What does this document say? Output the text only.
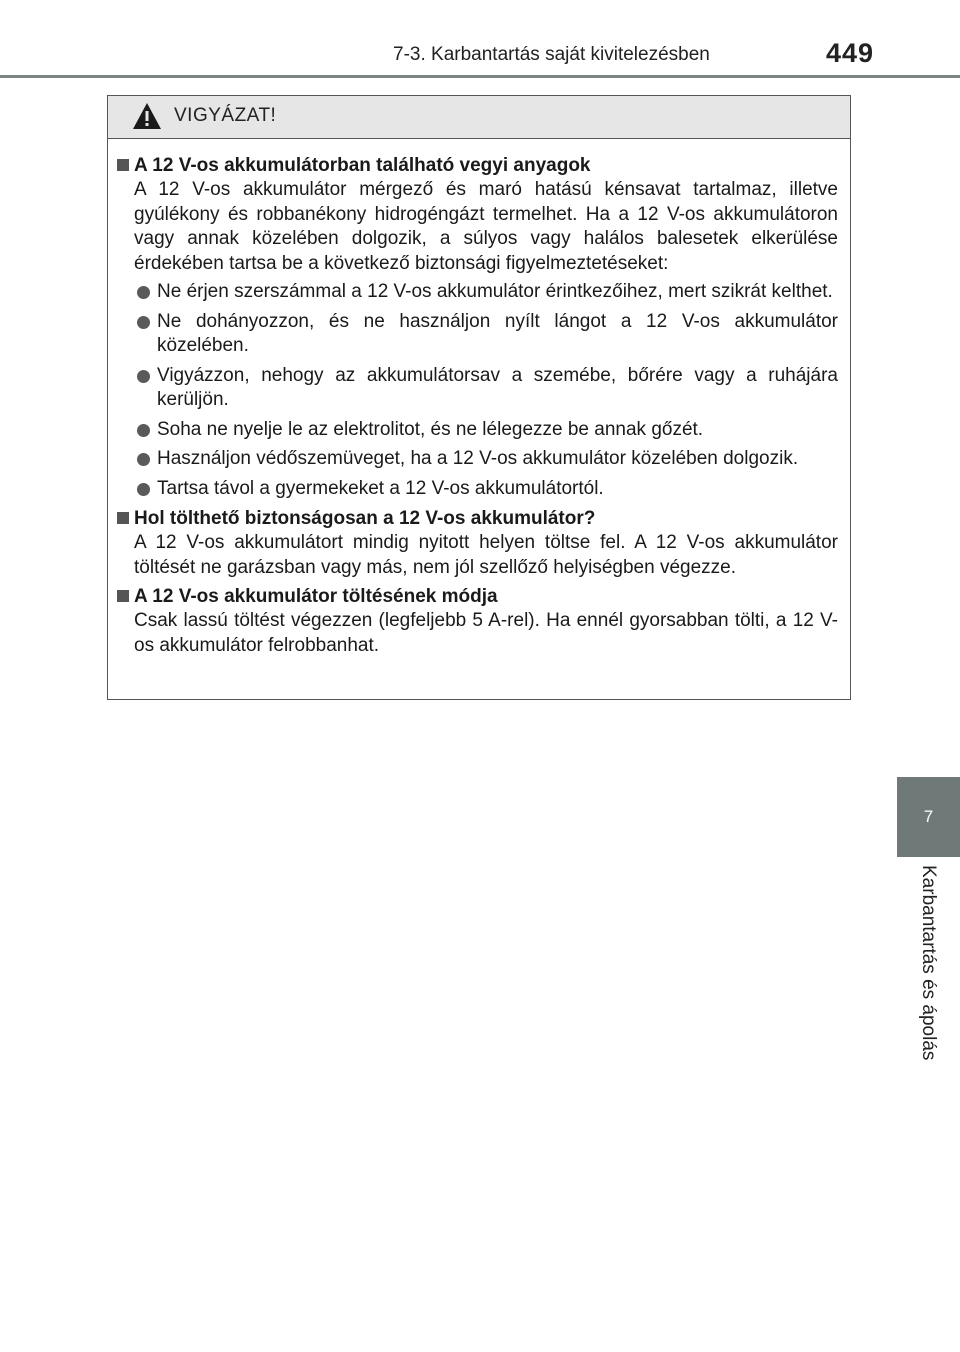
7-3. Karbantartás saját kivitelezésben	449
7
Karbantartás és ápolás
VIGYÁZAT!
A 12 V-os akkumulátorban található vegyi anyagok
A 12 V-os akkumulátor mérgező és maró hatású kénsavat tartalmaz, illetve gyúlékony és robbanékony hidrogéngázt termelhet. Ha a 12 V-os akkumulátoron vagy annak közelében dolgozik, a súlyos vagy halálos balesetek elkerülése érdekében tartsa be a következő biztonsági figyelmeztetéseket:
Ne érjen szerszámmal a 12 V-os akkumulátor érintkezőihez, mert szikrát kelthet.
Ne dohányozzon, és ne használjon nyílt lángot a 12 V-os akkumulátor közelében.
Vigyázzon, nehogy az akkumulátorsav a szemébe, bőrére vagy a ruhájára kerüljön.
Soha ne nyelje le az elektrolitot, és ne lélegezze be annak gőzét.
Használjon védőszemüveget, ha a 12 V-os akkumulátor közelében dolgozik.
Tartsa távol a gyermekeket a 12 V-os akkumulátortól.
Hol tölthető biztonságosan a 12 V-os akkumulátor?
A 12 V-os akkumulátort mindig nyitott helyen töltse fel. A 12 V-os akkumulátor töltését ne garázsban vagy más, nem jól szellőző helyiségben végezze.
A 12 V-os akkumulátor töltésének módja
Csak lassú töltést végezzen (legfeljebb 5 A-rel). Ha ennél gyorsabban tölti, a 12 V-os akkumulátor felrobbanhat.
